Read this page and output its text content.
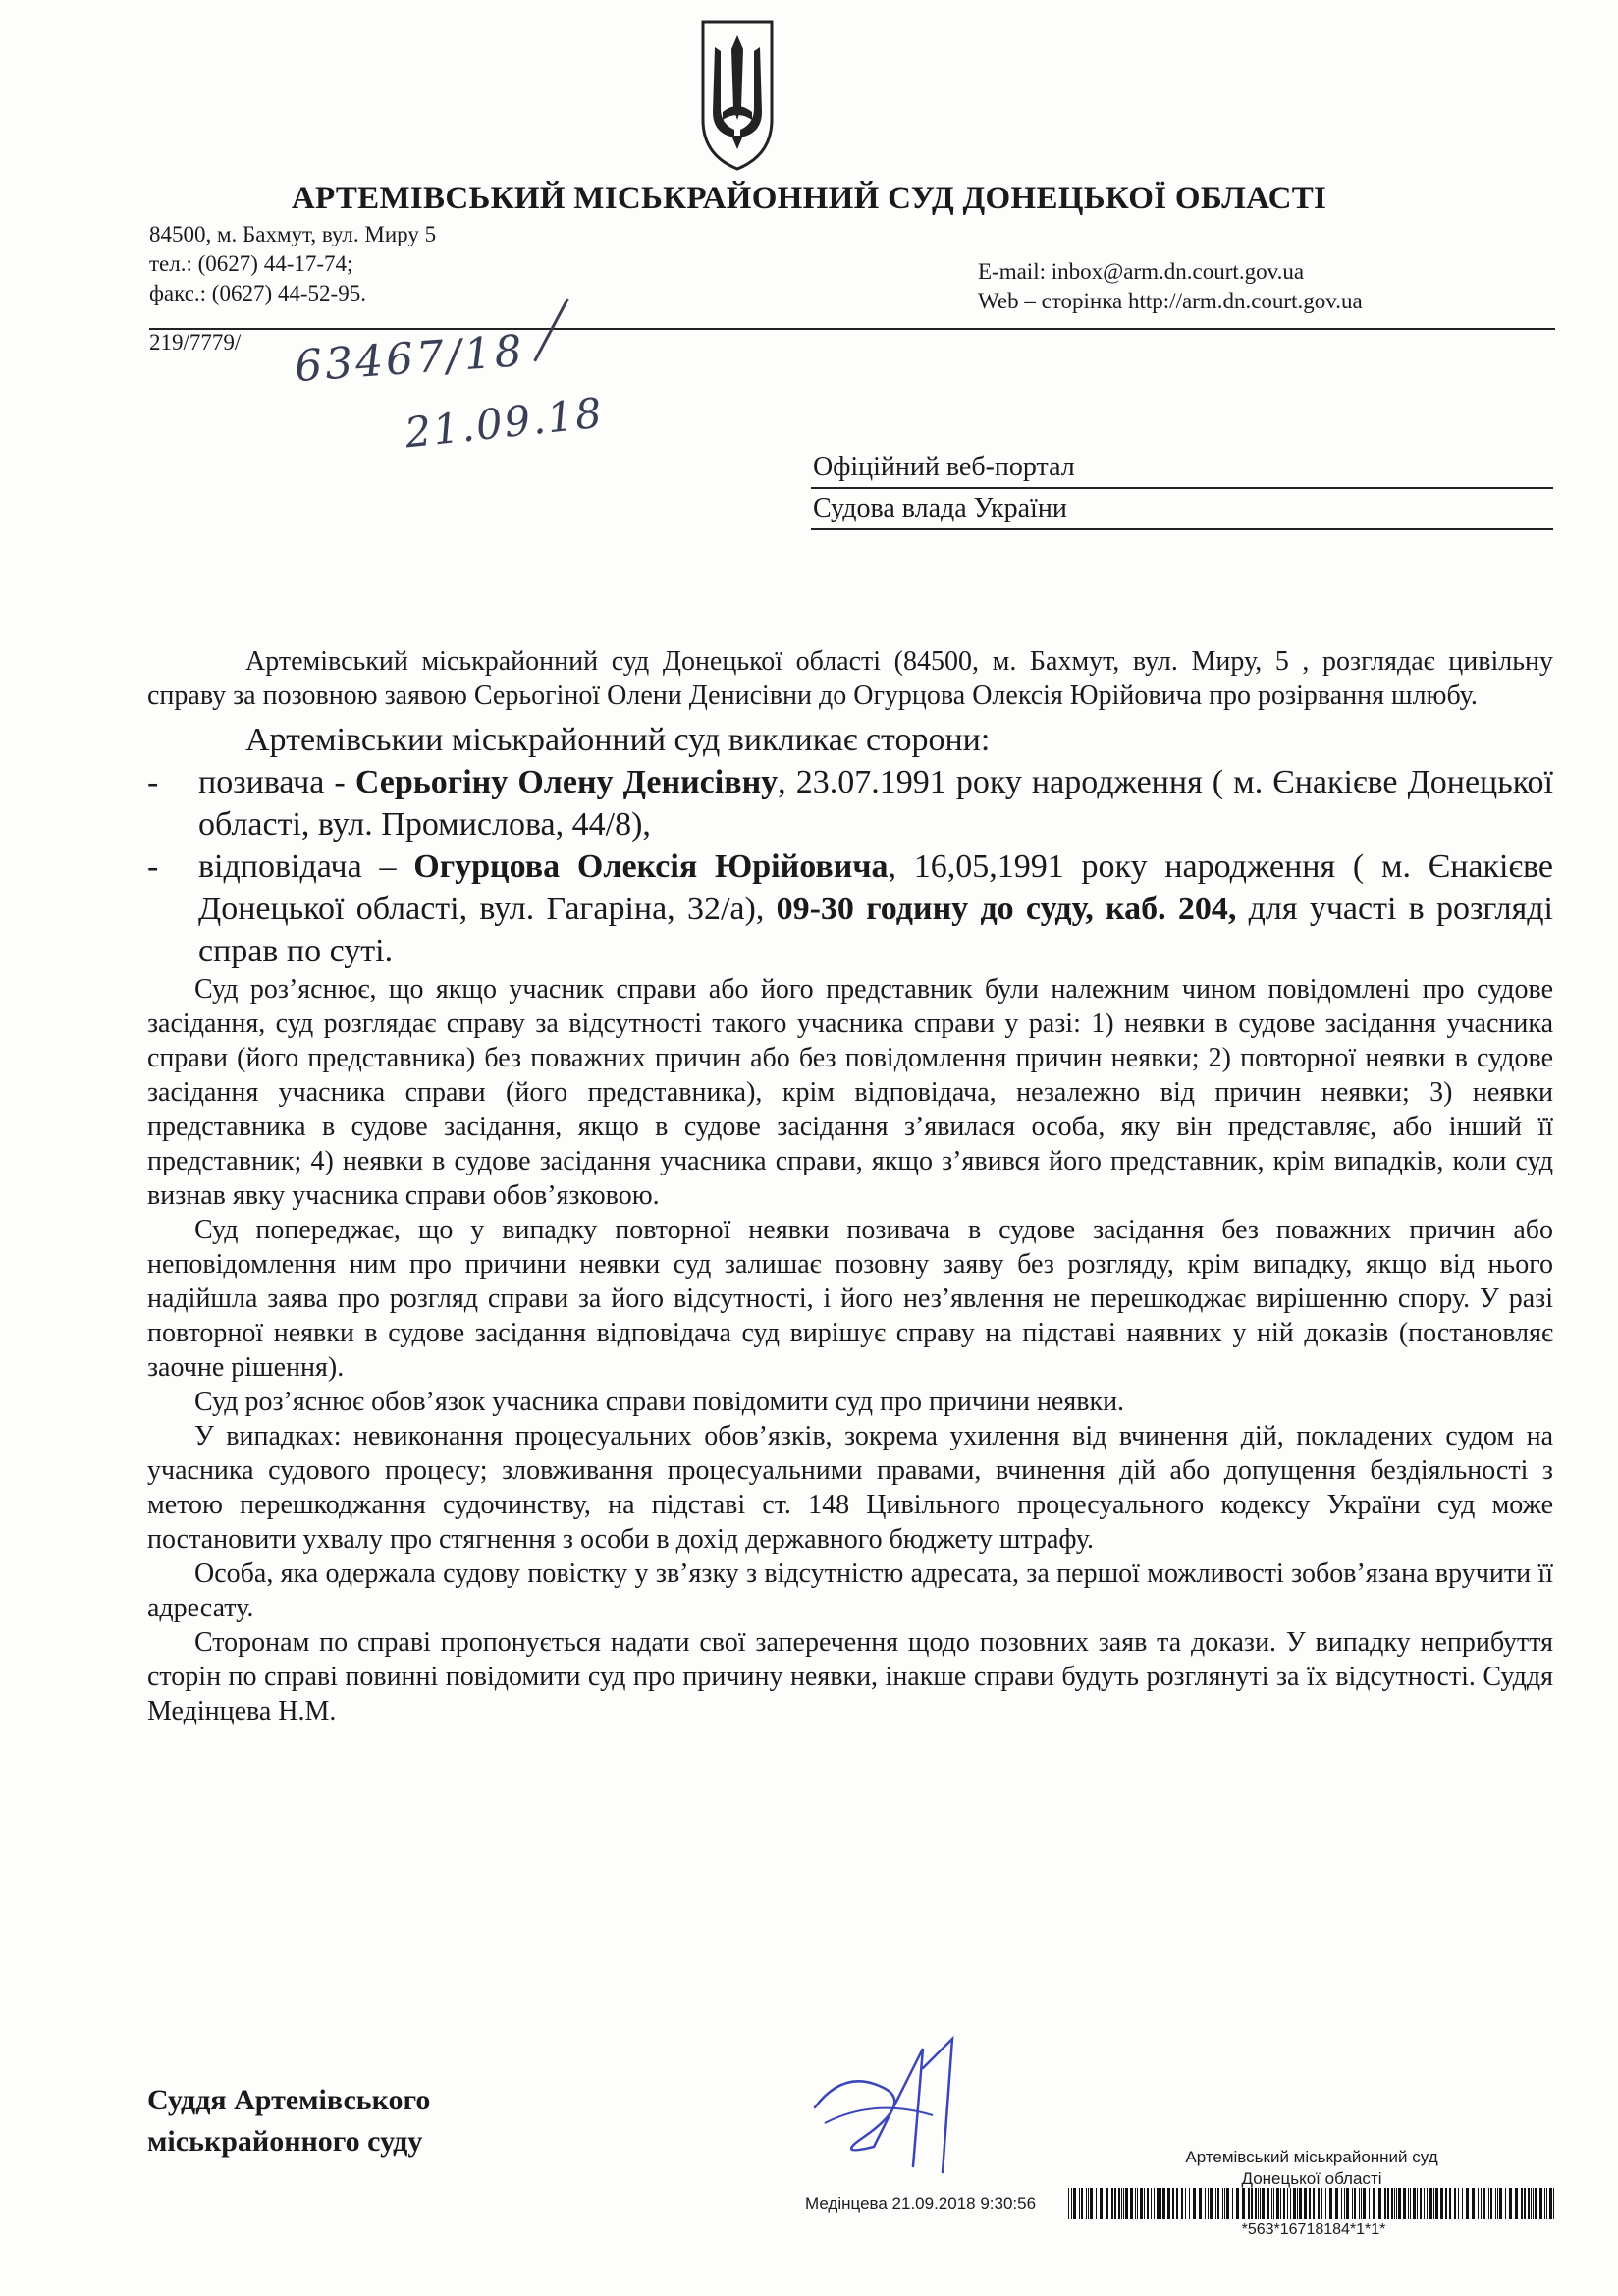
АРТЕМІВСЬКИЙ МІСЬКРАЙОННИЙ СУД ДОНЕЦЬКОЇ ОБЛАСТІ
84500, м. Бахмут, вул. Миру 5
тел.: (0627) 44-17-74;
факс.: (0627) 44-52-95.
E-mail: inbox@arm.dn.court.gov.ua
Web – сторінка http://arm.dn.court.gov.ua
219/7779/ 63467/18
21.09.18
Офіційний веб-портал
Судова влада України

Артемівський міськрайонний суд Донецької області (84500, м. Бахмут, вул. Миру, 5 , розглядає цивільну справу за позовною заявою Серьогіної Олени Денисівни до Огурцова Олексія Юрійовича про розірвання шлюбу.

Артемівськии міськрайонний суд викликає сторони:

-	позивача - Серьогіну Олену Денисівну, 23.07.1991 року народження ( м. Єнакієве Донецької області, вул. Промислова, 44/8),
-	відповідача – Огурцова Олексія Юрійовича, 16,05,1991 року народження ( м. Єнакієве Донецької області, вул. Гагаріна, 32/а), 09-30 годину до суду, каб. 204, для участі в розгляді справ по суті.

Суд роз’яснює, що якщо учасник справи або його представник були належним чином повідомлені про судове засідання, суд розглядає справу за відсутності такого учасника справи у разі: 1) неявки в судове засідання учасника справи (його представника) без поважних причин або без повідомлення причин неявки; 2) повторної неявки в судове засідання учасника справи (його представника), крім відповідача, незалежно від причин неявки; 3) неявки представника в судове засідання, якщо в судове засідання з’явилася особа, яку він представляє, або інший її представник; 4) неявки в судове засідання учасника справи, якщо з’явився його представник, крім випадків, коли суд визнав явку учасника справи обов’язковою.

Суд попереджає, що у випадку повторної неявки позивача в судове засідання без поважних причин або неповідомлення ним про причини неявки суд залишає позовну заяву без розгляду, крім випадку, якщо від нього надійшла заява про розгляд справи за його відсутності, і його нез’явлення не перешкоджає вирішенню спору. У разі повторної неявки в судове засідання відповідача суд вирішує справу на підставі наявних у ній доказів (постановляє заочне рішення).

Суд роз’яснює обов’язок учасника справи повідомити суд про причини неявки.

У випадках: невиконання процесуальних обов’язків, зокрема ухилення від вчинення дій, покладених судом на учасника судового процесу; зловживання процесуальними правами, вчинення дій або допущення бездіяльності з метою перешкоджання судочинству, на підставі ст. 148 Цивільного процесуального кодексу України суд може постановити ухвалу про стягнення з особи в дохід державного бюджету штрафу.

Особа, яка одержала судову повістку у зв’язку з відсутністю адресата, за першої можливості зобов’язана вручити її адресату.

Сторонам по справі пропонується надати свої заперечення щодо позовних заяв та докази. У випадку неприбуття сторін по справі повинні повідомити суд про причину неявки, інакше справи будуть розглянуті за їх відсутності. Суддя Медінцева Н.М.

Суддя Артемівського
міськрайонного суду	Артемівський міськрайонний суд
Донецької області
Медінцева 21.09.2018 9:30:56
*563*16718184*1*1*
